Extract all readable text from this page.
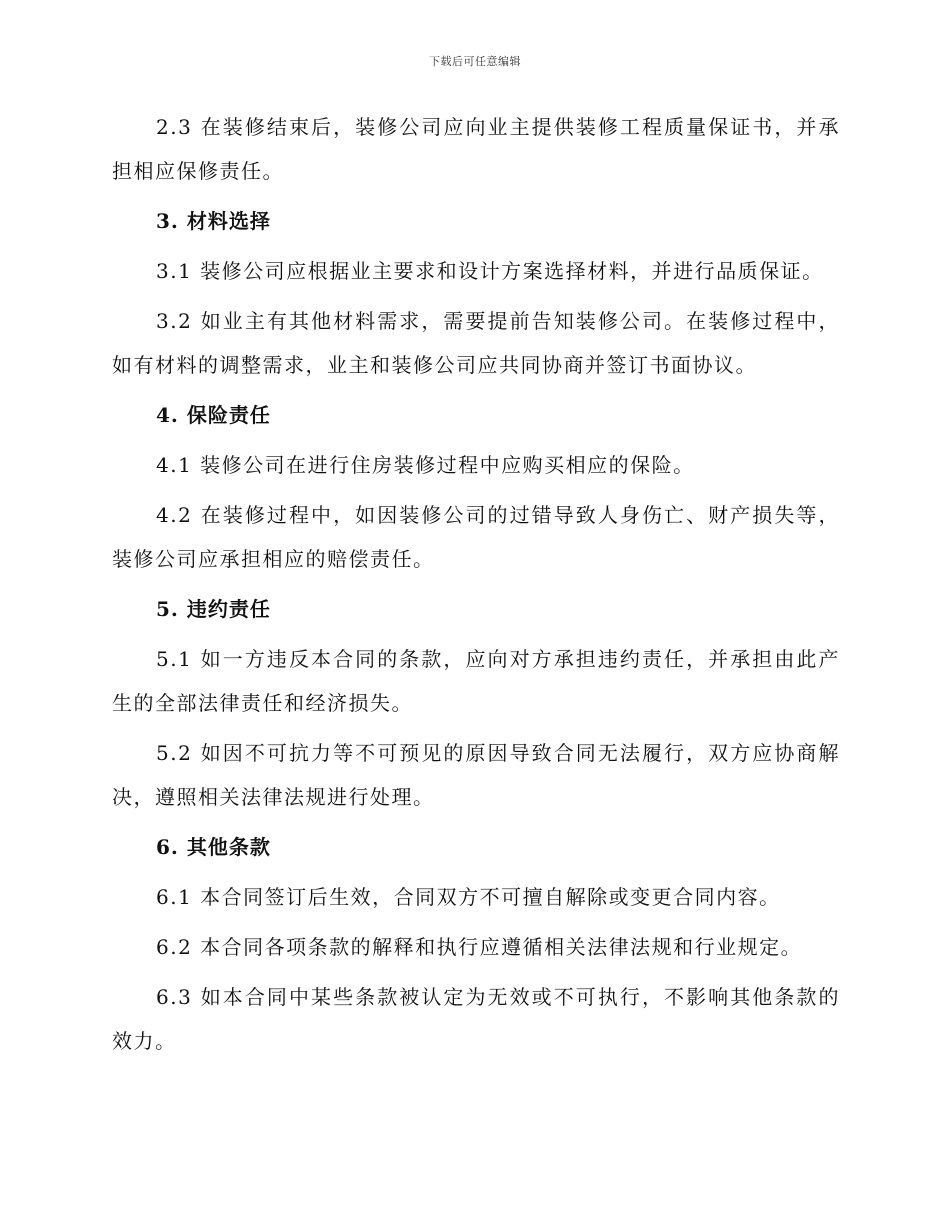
下载后可任意编辑

2.3 在装修结束后，装修公司应向业主提供装修工程质量保证书，并承担相应保修责任。

3. 材料选择

3.1 装修公司应根据业主要求和设计方案选择材料，并进行品质保证。

3.2 如业主有其他材料需求，需要提前告知装修公司。在装修过程中，如有材料的调整需求，业主和装修公司应共同协商并签订书面协议。

4. 保险责任

4.1 装修公司在进行住房装修过程中应购买相应的保险。

4.2 在装修过程中，如因装修公司的过错导致人身伤亡、财产损失等，装修公司应承担相应的赔偿责任。

5. 违约责任

5.1 如一方违反本合同的条款，应向对方承担违约责任，并承担由此产生的全部法律责任和经济损失。

5.2 如因不可抗力等不可预见的原因导致合同无法履行，双方应协商解决，遵照相关法律法规进行处理。

6. 其他条款

6.1 本合同签订后生效，合同双方不可擅自解除或变更合同内容。

6.2 本合同各项条款的解释和执行应遵循相关法律法规和行业规定。

6.3 如本合同中某些条款被认定为无效或不可执行，不影响其他条款的效力。
